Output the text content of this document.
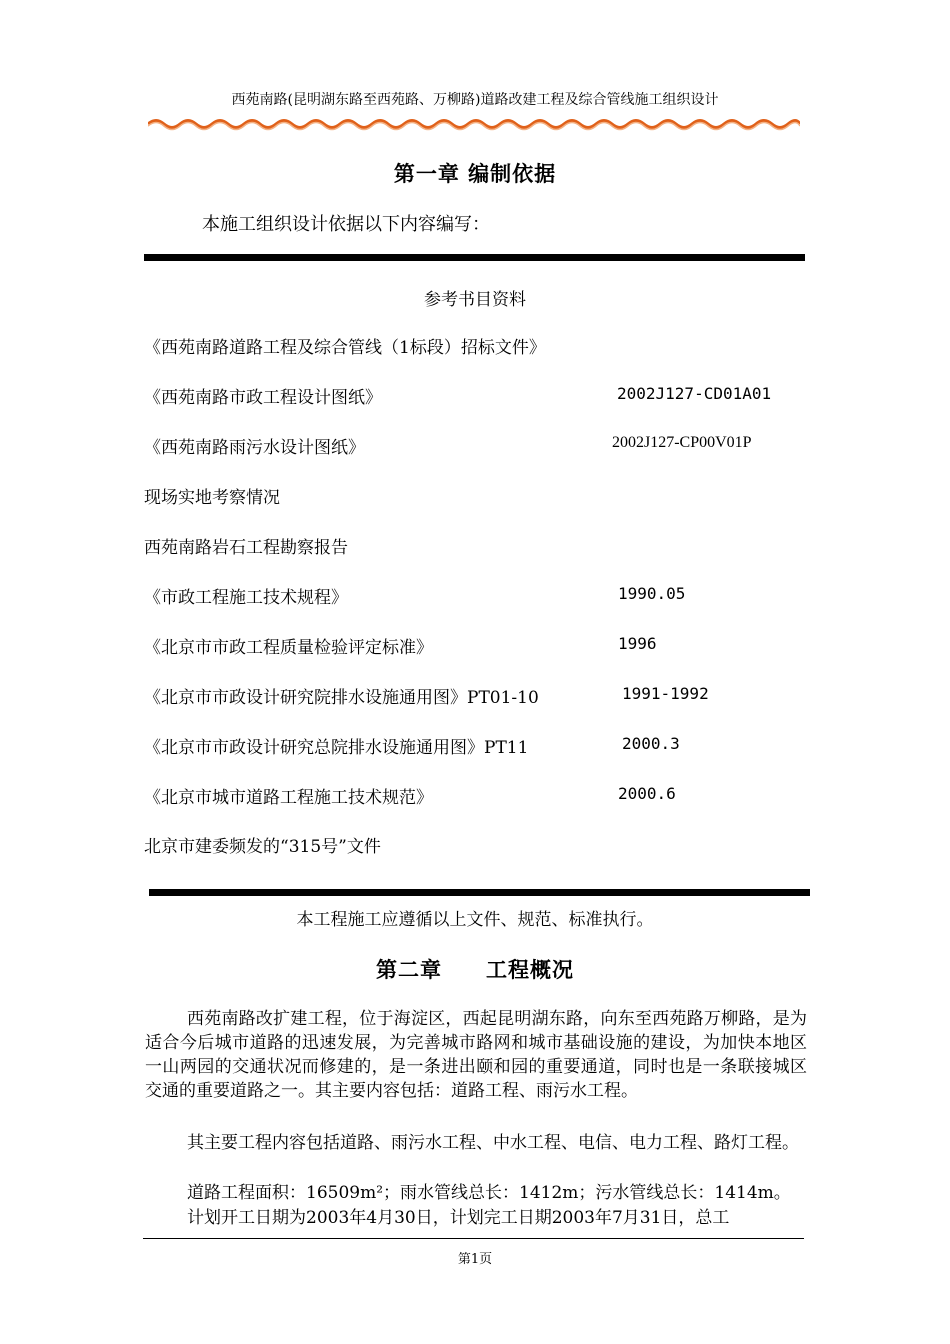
西苑南路(昆明湖东路至西苑路、万柳路)道路改建工程及综合管线施工组织设计
第一章 编制依据
本施工组织设计依据以下内容编写：
参考书目资料
《西苑南路道路工程及综合管线（1标段）招标文件》
《西苑南路市政工程设计图纸》	2002J127-CD01A01
《西苑南路雨污水设计图纸》	2002J127-CP00V01P
现场实地考察情况
西苑南路岩石工程勘察报告
《市政工程施工技术规程》	1990.05
《北京市市政工程质量检验评定标准》	1996
《北京市市政设计研究院排水设施通用图》PT01-10	1991-1992
《北京市市政设计研究总院排水设施通用图》PT11	2000.3
《北京市城市道路工程施工技术规范》	2000.6
北京市建委频发的“315号”文件
本工程施工应遵循以上文件、规范、标准执行。
第二章　　工程概况
西苑南路改扩建工程，位于海淀区，西起昆明湖东路，向东至西苑路万柳路，是为适合今后城市道路的迅速发展，为完善城市路网和城市基础设施的建设，为加快本地区一山两园的交通状况而修建的，是一条进出颐和园的重要通道，同时也是一条联接城区交通的重要道路之一。其主要内容包括：道路工程、雨污水工程。
其主要工程内容包括道路、雨污水工程、中水工程、电信、电力工程、路灯工程。
道路工程面积：16509m²；雨水管线总长：1412m；污水管线总长：1414m。
计划开工日期为2003年4月30日，计划完工日期2003年7月31日，总工
第1页
